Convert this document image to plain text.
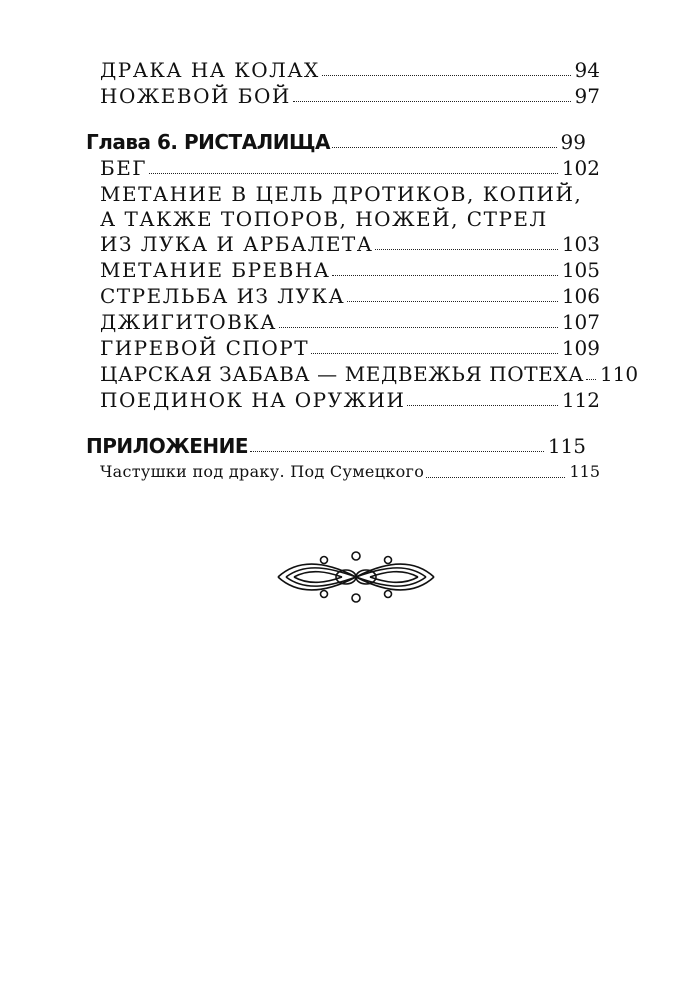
ДРАКА НА КОЛАХ	94
НОЖЕВОЙ БОЙ	97
Глава 6. РИСТАЛИЩА	99
БЕГ	102
МЕТАНИЕ В ЦЕЛЬ ДРОТИКОВ, КОПИЙ,
А ТАКЖЕ ТОПОРОВ, НОЖЕЙ, СТРЕЛ
ИЗ ЛУКА И АРБАЛЕТА	103
МЕТАНИЕ БРЕВНА	105
СТРЕЛЬБА ИЗ ЛУКА	106
ДЖИГИТОВКА	107
ГИРЕВОЙ СПОРТ	109
ЦАРСКАЯ ЗАБАВА — МЕДВЕЖЬЯ ПОТЕХА 110
ПОЕДИНОК НА ОРУЖИИ	112
ПРИЛОЖЕНИЕ	115
Частушки под драку. Под Сумецкого	115
